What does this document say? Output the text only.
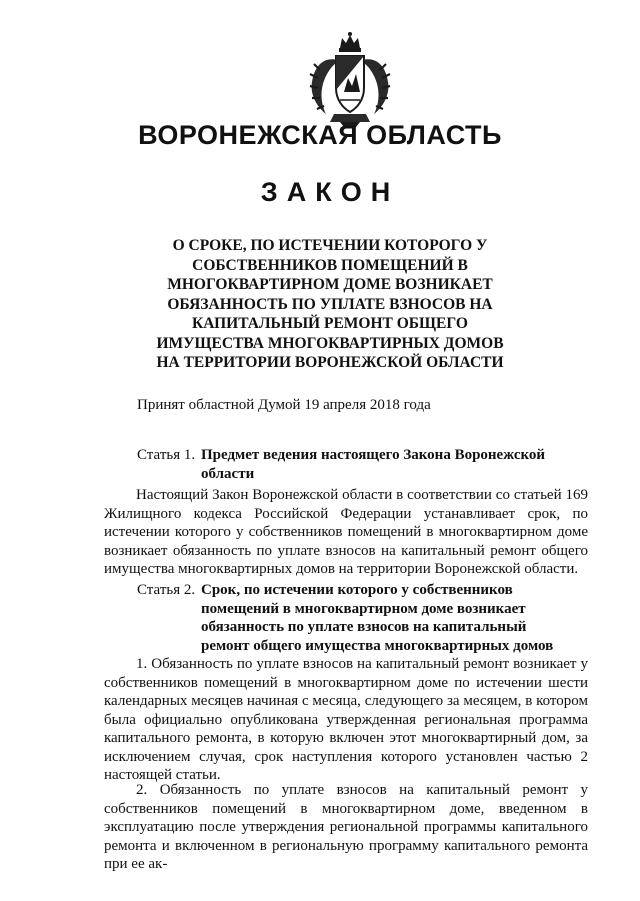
ВОРОНЕЖСКАЯ ОБЛАСТЬ
ЗАКОН
О СРОКЕ, ПО ИСТЕЧЕНИИ КОТОРОГО У СОБСТВЕННИКОВ ПОМЕЩЕНИЙ В МНОГОКВАРТИРНОМ ДОМЕ ВОЗНИКАЕТ ОБЯЗАННОСТЬ ПО УПЛАТЕ ВЗНОСОВ НА КАПИТАЛЬНЫЙ РЕМОНТ ОБЩЕГО ИМУЩЕСТВА МНОГОКВАРТИРНЫХ ДОМОВ НА ТЕРРИТОРИИ ВОРОНЕЖСКОЙ ОБЛАСТИ
Принят областной Думой 19 апреля 2018 года
Статья 1. Предмет ведения настоящего Закона Воронежской области

Настоящий Закон Воронежской области в соответствии со статьей 169 Жилищного кодекса Российской Федерации устанавливает срок, по истечении которого у собственников помещений в многоквартирном доме возникает обязанность по уплате взносов на капитальный ремонт общего имущества многоквартирных домов на территории Воронежской области.

Статья 2. Срок, по истечении которого у собственников помещений в многоквартирном доме возникает обязанность по уплате взносов на капитальный ремонт общего имущества многоквартирных домов

1. Обязанность по уплате взносов на капитальный ремонт возникает у собственников помещений в многоквартирном доме по истечении шести календарных месяцев начиная с месяца, следующего за месяцем, в котором была официально опубликована утвержденная региональная программа капитального ремонта, в которую включен этот многоквартирный дом, за исключением случая, срок наступления которого установлен частью 2 настоящей статьи.

2. Обязанность по уплате взносов на капитальный ремонт у собственников помещений в многоквартирном доме, введенном в эксплуатацию после утверждения региональной программы капитального ремонта и включенном в региональную программу капитального ремонта при ее ак-
